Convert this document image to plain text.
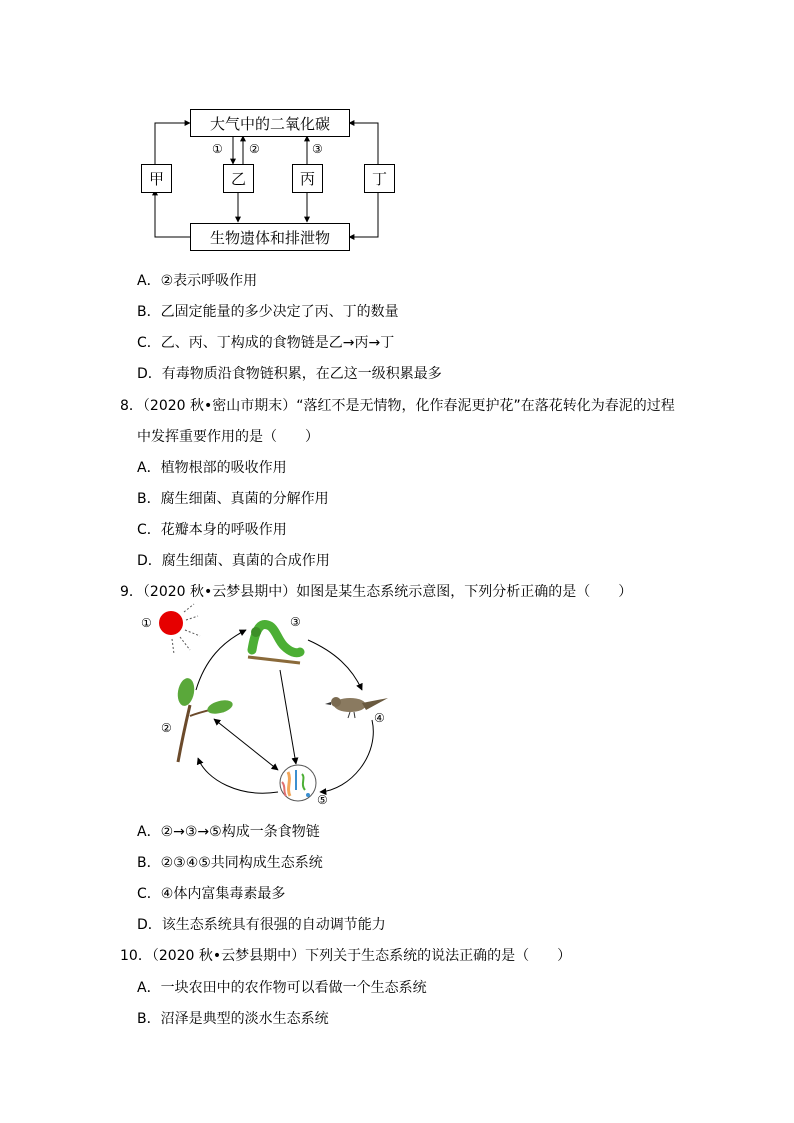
大气中的二氧化碳
生物遗体和排泄物
甲	乙	丙	丁
① ②	③
A．②表示呼吸作用
B．乙固定能量的多少决定了丙、丁的数量
C．乙、丙、丁构成的食物链是乙→丙→丁
D．有毒物质沿食物链积累，在乙这一级积累最多
8．（2020 秋•密山市期末）“落红不是无情物，化作春泥更护花”在落花转化为春泥的过程
中发挥重要作用的是（　　）
A．植物根部的吸收作用
B．腐生细菌、真菌的分解作用
C．花瓣本身的呼吸作用
D．腐生细菌、真菌的合成作用
9．（2020 秋•云梦县期中）如图是某生态系统示意图，下列分析正确的是（　　）
①
②
③
④
⑤
A．②→③→⑤构成一条食物链
B．②③④⑤共同构成生态系统
C．④体内富集毒素最多
D．该生态系统具有很强的自动调节能力
10．（2020 秋•云梦县期中）下列关于生态系统的说法正确的是（　　）
A．一块农田中的农作物可以看做一个生态系统
B．沼泽是典型的淡水生态系统
